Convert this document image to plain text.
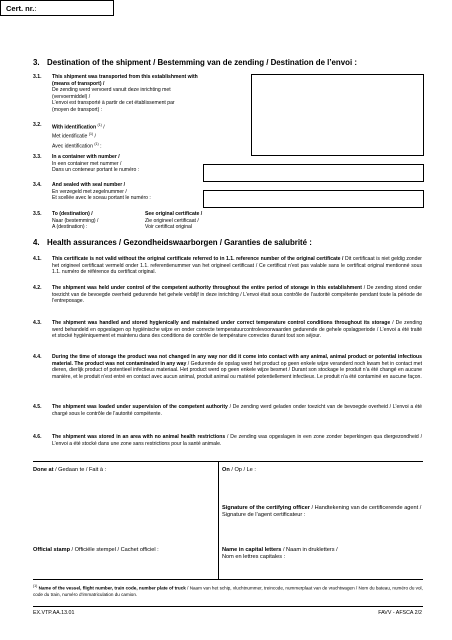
Cert. nr.:
3. Destination of the shipment / Bestemming van de zending / Destination de l’envoi :
3.1. This shipment was transported from this establishment with
(means of transport) /
De zending werd vervoerd vanuit deze inrichting met
(vervoermiddel) /
L’envoi est transporté à partir de cet établissement par
(moyen de transport) :
3.2. With identification $^{(1)}$ /
Met identificatie $^{(1)}$ /
Avec identification $^{(1)}$ :
3.3. In a container with number /
In een container met nummer /
Dans un conteneur portant le numéro :
3.4. And sealed with seal number /
En verzegeld met zegelnummer /
Et scellée avec le sceau portant le numéro :
3.5. To (destination) /
Naar (bestemming) /
A (destination) :
See original certificate /
Zie origineel certificaat /
Voir certificat original
4. Health assurances / Gezondheidswaarborgen / Garanties de salubrité :
4.1. This certificate is not valid without the original certificate referred to in 1.1. reference number of the original certificate / Dit certificaat is niet geldig zonder het origineel certificaat vermeld onder 1.1. referentienummer van het origineel certificaat / Ce certificat n’est pas valable sans le certificat original mentionné sous 1.1. numéro de référence du certificat original.
4.2. The shipment was held under control of the competent authority throughout the entire period of storage in this establishment / De zending stond onder toezicht van de bevoegde overheid gedurende het gehele verblijf in deze inrichting / L’envoi était sous contrôle de l’autorité compétente pendant toute la période de l’entreposage.
4.3. The shipment was handled and stored hygienically and maintained under correct temperature control conditions throughout its storage / De zending werd behandeld en opgeslagen op hygiënische wijze en onder correcte temperatuurcontrolevoorwaarden gedurende de gehele opslagperiode / L’envoi a été traité et stocké hygiéniquement et maintenu dans des conditions de contrôle de température correctes durant tout son séjour.
4.4. During the time of storage the product was not changed in any way nor did it come into contact with any animal, animal product or potential infectious material. The product was not contaminated in any way / Gedurende de opslag werd het product op geen enkele wijze veranderd noch kwam het in contact met dieren, dierlijk product of potentieel infectieus materiaal. Het product werd op geen enkele wijze besmet / Durant son stockage le produit n’a été changé en aucune manière, et le produit n’est entré en contact avec aucun animal, produit animal ou matériel potentiellement infectieux. Le produit n’a été contaminé en aucune façon.
4.5. The shipment was loaded under supervision of the competent authority / De zending werd geladen onder toezicht van de bevoegde overheid / L’envoi a été chargé sous le contrôle de l’autorité compétente.
4.6. The shipment was stored in an area with no animal health restrictions / De zending was opgeslagen in een zone zonder beperkingen qua diergezondheid / L’envoi a été stocké dans une zone sans restrictions pour la santé animale.
Done at / Gedaan te / Fait à :	On / Op / Le :
Signature of the certifying officer / Handtekening van de certificerende agent / Signature de l’agent certificateur :
Official stamp / Officiële stempel / Cachet officiel :	Name in capital letters / Naam in drukletters /
Nom en lettres capitales :
$^{(1)}$ Name of the vessel, flight number, train code, number plate of truck / Naam van het schip, vluchtnummer, treincode, nummerplaat van de vrachtwagen / Nom du bateau, numéro du vol, code du train, numéro d’immatriculation du camion.
EX.VTP.AA.13.01	FAVV - AFSCA 2/2
